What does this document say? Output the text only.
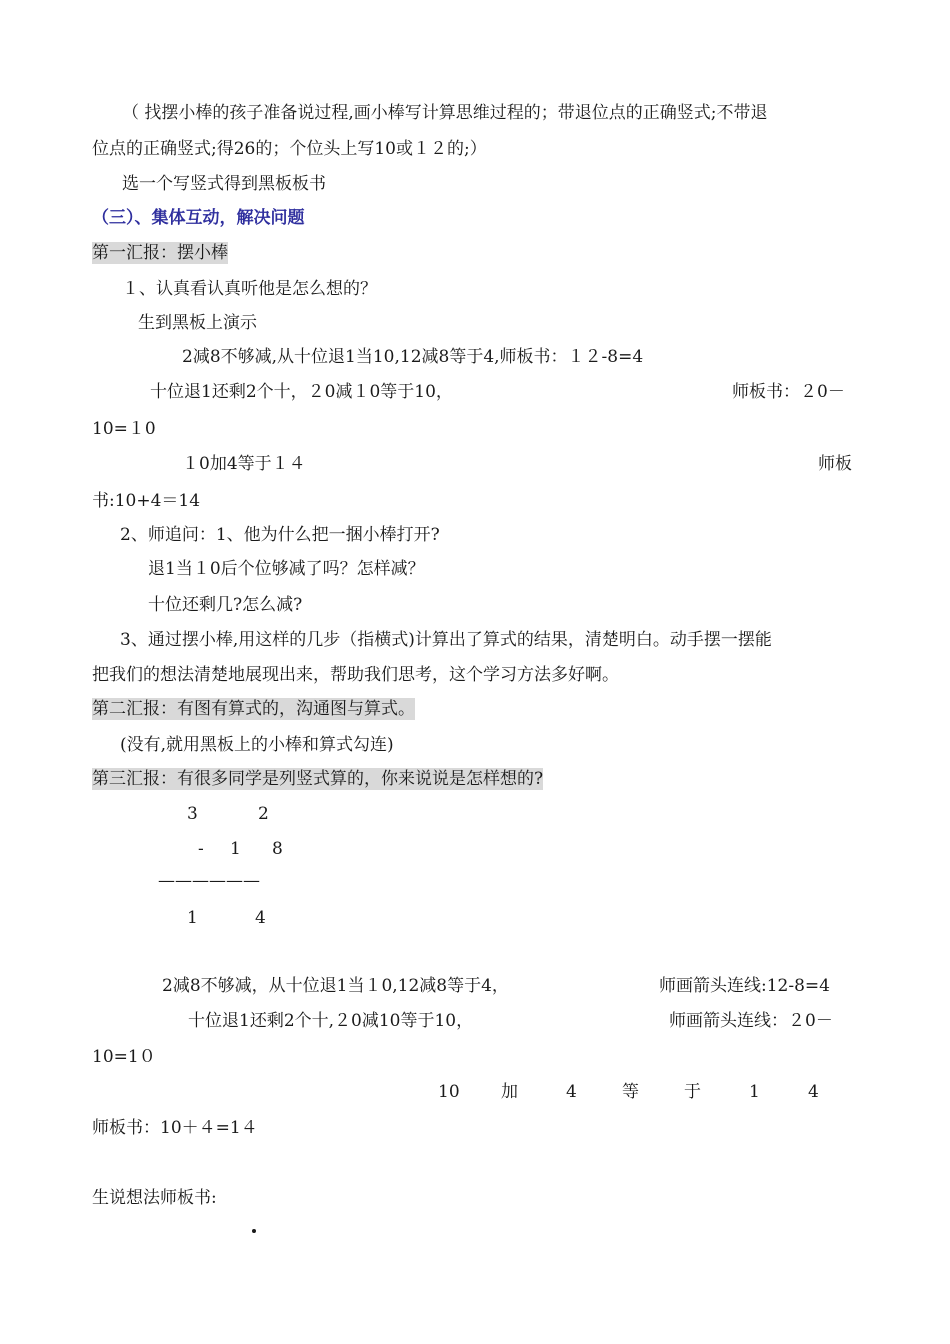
（ 找摆小棒的孩子准备说过程,画小棒写计算思维过程的；带退位点的正确竖式;不带退
位点的正确竖式;得26的；个位头上写10或１２的;）
选一个写竖式得到黑板板书
（三）、集体互动，解决问题
第一汇报：摆小棒
１、认真看认真听他是怎么想的？
生到黑板上演示
2减8不够减,从十位退1当10,12减8等于4,师板书：１２-8=4
十位退1还剩2个十，２0减１0等于10，	师板书：２0－
10=１0
１0加4等于１４	师板
书:10+4＝14
2、师追问：1、他为什么把一捆小棒打开?
退1当１0后个位够减了吗？怎样减？
十位还剩几?怎么减?
3、通过摆小棒,用这样的几步（指横式)计算出了算式的结果，清楚明白。动手摆一摆能
把我们的想法清楚地展现出来，帮助我们思考，这个学习方法多好啊。
第二汇报：有图有算式的，沟通图与算式。
(没有,就用黑板上的小棒和算式勾连)
第三汇报：有很多同学是列竖式算的，你来说说是怎样想的?
3	2
- 1 8
——————
1	4
2减8不够减，从十位退1当１0,12减8等于4，	师画箭头连线:12-8=4
十位退1还剩2个十,２0减10等于10，	师画箭头连线：２0－
10=1０
10 加	4	等	于	1	4
师板书：10＋４=1４
生说想法师板书:
